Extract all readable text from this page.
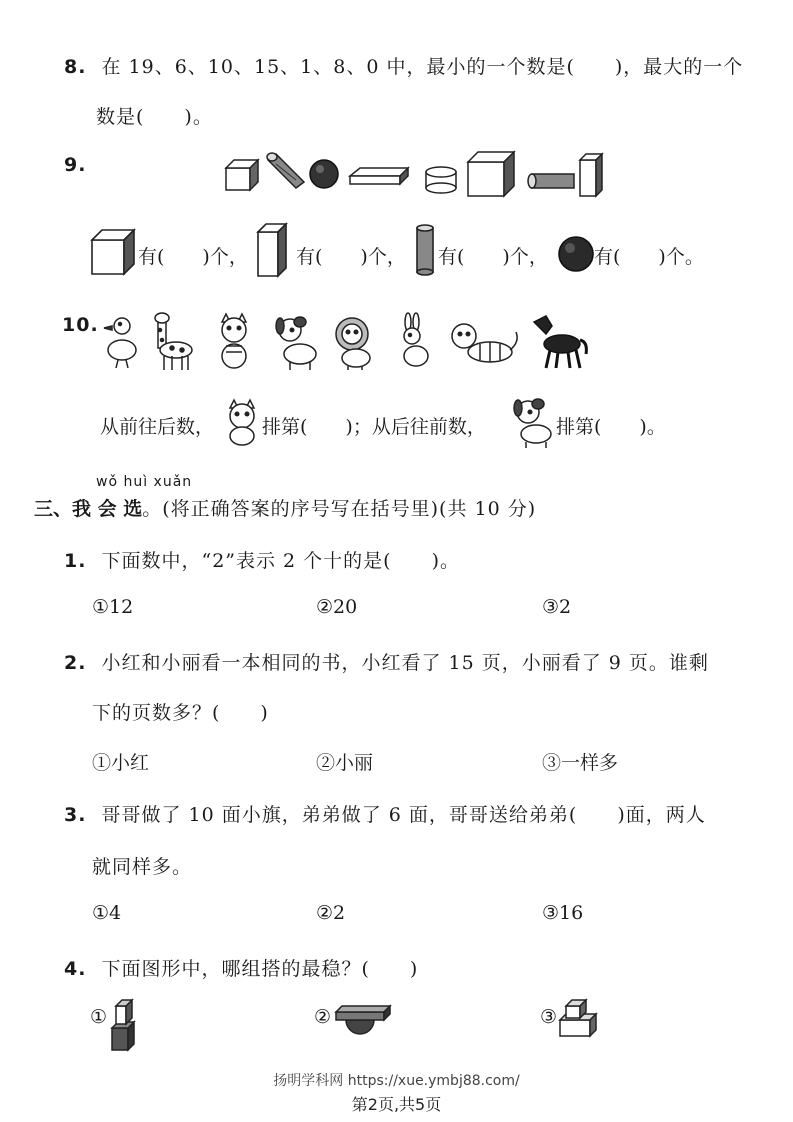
8. 在 19、6、10、15、1、8、0 中，最小的一个数是(　　)，最大的一个
数是(　　)。
9.
有(　　)个，	有(　　)个， 有(　　)个， 有(　　)个。
10.
从前往后数，	排第(　　)；从后往前数，	排第(　　)。
wǒ huì xuǎn
三、我 会 选。(将正确答案的序号写在括号里)(共 10 分)
1. 下面数中，“2”表示 2 个十的是(　　)。
①12	②20	③2
2. 小红和小丽看一本相同的书，小红看了 15 页，小丽看了 9 页。谁剩
下的页数多？(　　)
①小红	②小丽	③一样多
3. 哥哥做了 10 面小旗，弟弟做了 6 面，哥哥送给弟弟(　　)面，两人
就同样多。
①4	②2	③16
4. 下面图形中，哪组搭的最稳？(　　)
①	②	③
扬明学科网 https://xue.ymbj88.com/
第2页,共5页
